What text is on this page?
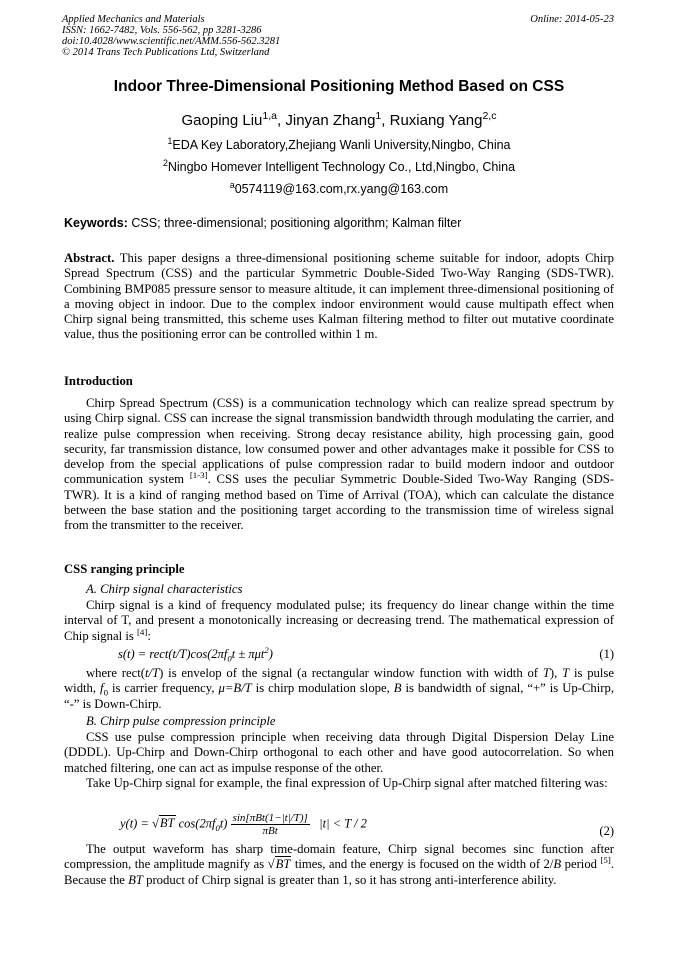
Applied Mechanics and Materials
ISSN: 1662-7482, Vols. 556-562, pp 3281-3286
doi:10.4028/www.scientific.net/AMM.556-562.3281
© 2014 Trans Tech Publications Ltd, Switzerland
Online: 2014-05-23
Indoor Three-Dimensional Positioning Method Based on CSS
Gaoping Liu$^{1,a}$, Jinyan Zhang$^1$, Ruxiang Yang$^{2,c}$
$^1$EDA Key Laboratory,Zhejiang Wanli University,Ningbo, China
$^2$Ningbo Homever Intelligent Technology Co., Ltd,Ningbo, China
$^a$0574119@163.com,rx.yang@163.com
Keywords: CSS; three-dimensional; positioning algorithm; Kalman filter

Abstract. This paper designs a three-dimensional positioning scheme suitable for indoor, adopts Chirp Spread Spectrum (CSS) and the particular Symmetric Double-Sided Two-Way Ranging (SDS-TWR). Combining BMP085 pressure sensor to measure altitude, it can implement three-dimensional positioning of a moving object in indoor. Due to the complex indoor environment would cause multipath effect when Chirp signal being transmitted, this scheme uses Kalman filtering method to filter out mutative coordinate value, thus the positioning error can be controlled within 1 m.

Introduction

Chirp Spread Spectrum (CSS) is a communication technology which can realize spread spectrum by using Chirp signal. CSS can increase the signal transmission bandwidth through modulating the carrier, and realize pulse compression when receiving. Strong decay resistance ability, high processing gain, good security, far transmission distance, low consumed power and other advantages make it possible for CSS to develop from the special applications of pulse compression radar to build modern indoor and outdoor communication system [1-3]. CSS uses the peculiar Symmetric Double-Sided Two-Way Ranging (SDS-TWR). It is a kind of ranging method based on Time of Arrival (TOA), which can calculate the distance between the base station and the positioning target according to the transmission time of wireless signal from the transmitter to the receiver.

CSS ranging principle
A. Chirp signal characteristics

Chirp signal is a kind of frequency modulated pulse; its frequency do linear change within the time interval of T, and present a monotonically increasing or decreasing trend. The mathematical expression of Chip signal is [4]:

$s(t) = rect(t/T)\cos(2\pi f_0t \pm \pi\mu t^2)$	(1)

where rect(t/T) is envelop of the signal (a rectangular window function with width of T), T is pulse width, $f_0$ is carrier frequency, μ=B/T is chirp modulation slope, B is bandwidth of signal, “+” is Up-Chirp, “-” is Down-Chirp.

B. Chirp pulse compression principle

CSS use pulse compression principle when receiving data through Digital Dispersion Delay Line (DDDL). Up-Chirp and Down-Chirp orthogonal to each other and have good autocorrelation. So when matched filtering, one can act as impulse response of the other.

Take Up-Chirp signal for example, the final expression of Up-Chirp signal after matched filtering was:

y(t) = √BT $\cos(2\pi f_0t) \frac{\text{sin[πBt(1−|t|/T)]}}{\text{πBt}} |t| < T / 2$
(2)

The output waveform has sharp time-domain feature, Chirp signal becomes sinc function after compression, the amplitude magnify as √BT times, and the energy is focused on the width of 2/B period [5]. Because the BT product of Chirp signal is greater than 1, so it has strong anti-interference ability.
